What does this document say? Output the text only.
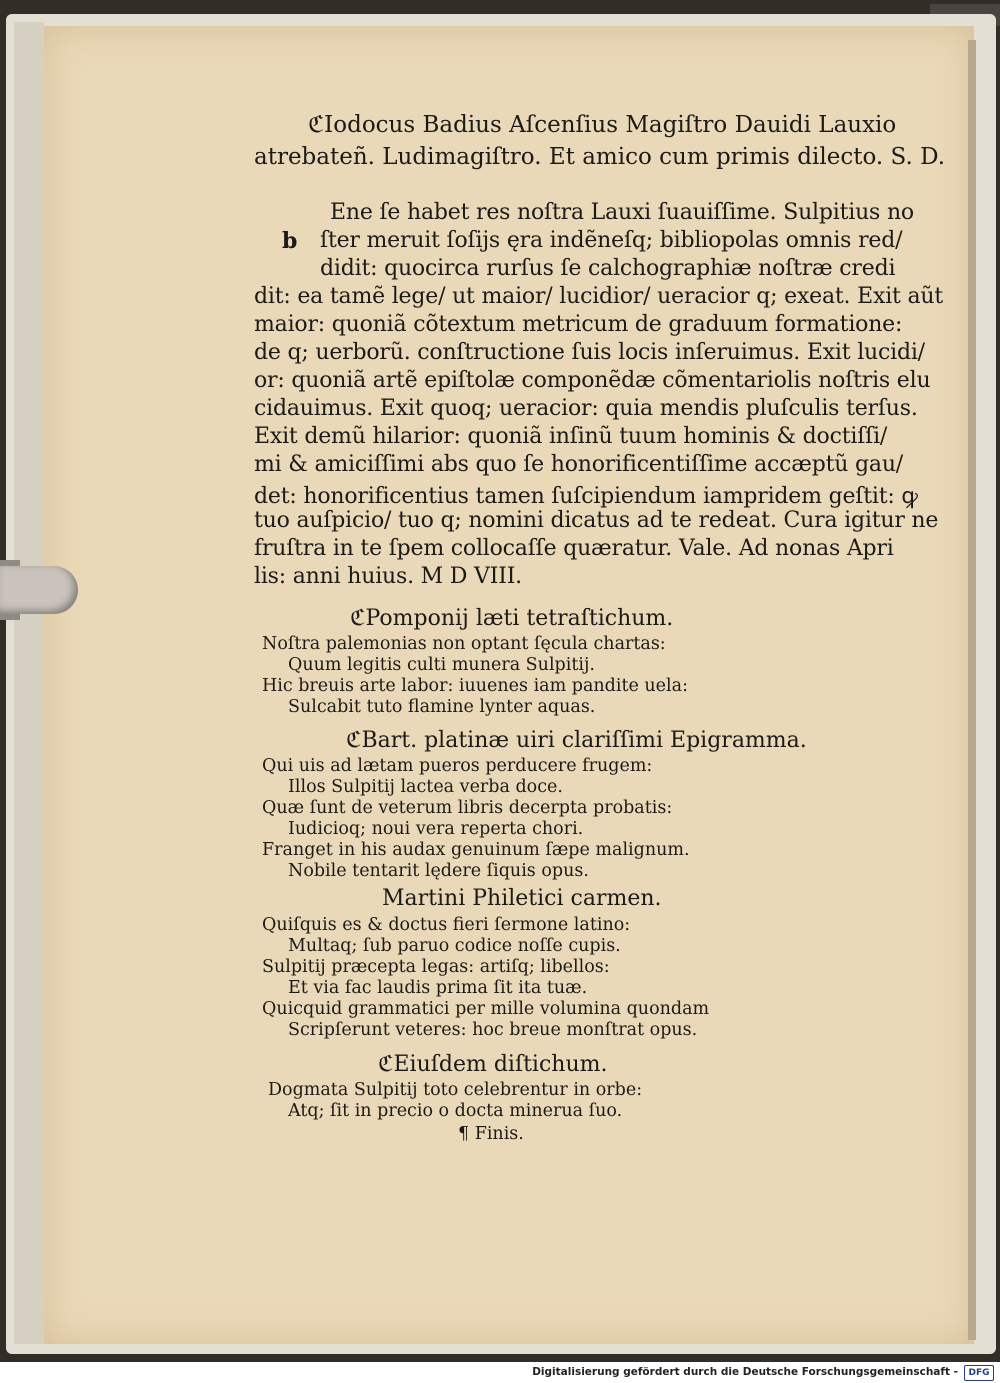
ℭIodocus Badius Aſcenſius Magiſtro Dauidi Lauxio
atrebateñ. Ludimagiſtro. Et amico cum primis dilecto. S. D.
b
Ene ſe habet res noſtra Lauxi ſuauiſſime. Sulpitius no
ſter meruit ſoſijs ęra indẽneſq; bibliopolas omnis red/
didit: quocirca rurſus ſe calchographiæ noſtræ credi
dit: ea tamẽ lege/ ut maior/ lucidior/ ueracior q; exeat. Exit aũt
maior: quoniã cõtextum metricum de graduum formatione:
de q; uerborũ. conſtructione ſuis locis inſeruimus. Exit lucidi/
or: quoniã artẽ epiſtolæ componẽdæ cõmentariolis noſtris elu
cidauimus. Exit quoq; ueracior: quia mendis pluſculis terſus.
Exit demũ hilarior: quoniã inſinũ tuum hominis & doctiſſi/
mi & amiciſſimi abs quo ſe honorificentiſſime accæptũ gau/
det: honorificentius tamen ſuſcipiendum iampridem geſtit: ꝙ
tuo auſpicio/ tuo q; nomini dicatus ad te redeat. Cura igitur ne
fruſtra in te ſpem collocaſſe quæratur. Vale. Ad nonas Apri
lis: anni huius. M D VIII.
ℭPomponij læti tetraſtichum.
Noſtra palemonias non optant ſęcula chartas:
Quum legitis culti munera Sulpitij.
Hic breuis arte labor: iuuenes iam pandite uela:
Sulcabit tuto flamine lynter aquas.
ℭBart. platinæ uiri clariſſimi Epigramma.
Qui uis ad lætam pueros perducere frugem:
Illos Sulpitij lactea verba doce.
Quæ ſunt de veterum libris decerpta probatis:
Iudicioq; noui vera reperta chori.
Franget in his audax genuinum ſæpe malignum.
Nobile tentarit lędere ſiquis opus.
Martini Philetici carmen.
Quiſquis es & doctus fieri ſermone latino:
Multaq; ſub paruo codice noſſe cupis.
Sulpitij præcepta legas: artiſq; libellos:
Et via fac laudis prima ſit ita tuæ.
Quicquid grammatici per mille volumina quondam
Scripſerunt veteres: hoc breue monſtrat opus.
ℭEiuſdem diſtichum.
Dogmata Sulpitij toto celebrentur in orbe:
Atq; ſit in precio o docta minerua ſuo.
¶ Finis.
Digitalisierung gefördert durch die Deutsche Forschungsgemeinschaft -	DFG
